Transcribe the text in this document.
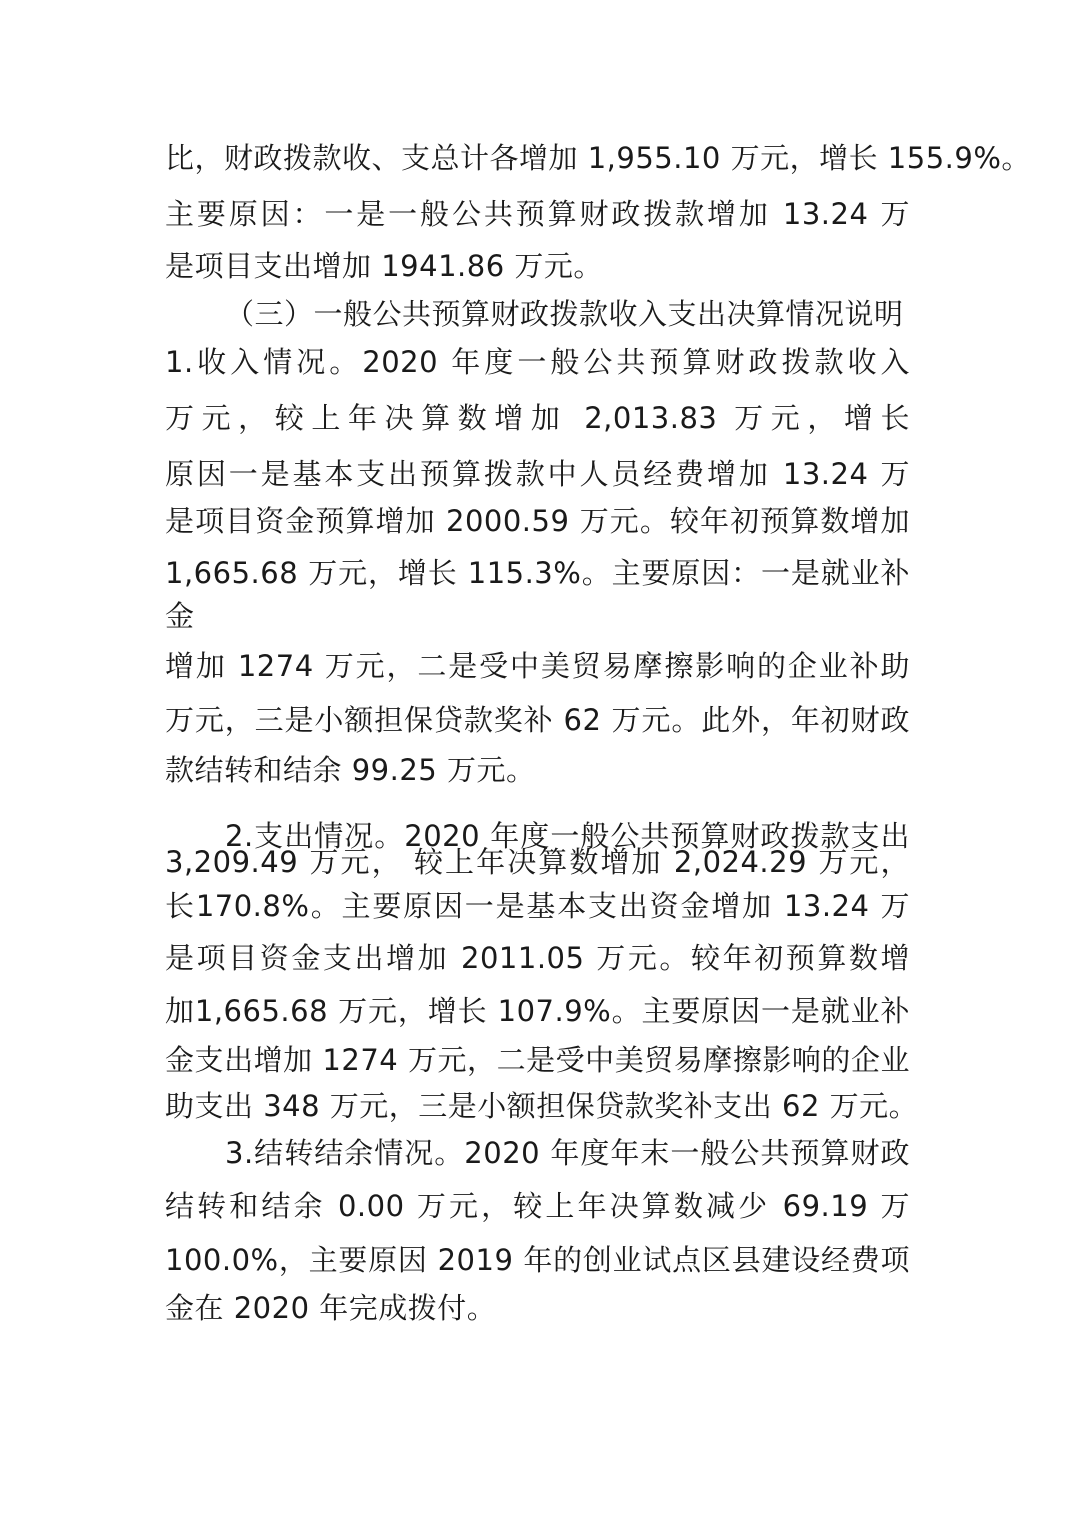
比，财政拨款收、支总计各增加 1,955.10 万元，增长 155.9%。
主要原因：一是一般公共预算财政拨款增加 13.24 万
是项目支出增加 1941.86 万元。
（三）一般公共预算财政拨款收入支出决算情况说明
1.收入情况。2020 年度一般公共预算财政拨款收入
万元，较上年决算数增加 2,013.83 万元，增长
原因一是基本支出预算拨款中人员经费增加 13.24 万
是项目资金预算增加 2000.59 万元。较年初预算数增加
1,665.68 万元，增长 115.3%。主要原因：一是就业补
金
增加 1274 万元，二是受中美贸易摩擦影响的企业补助
万元，三是小额担保贷款奖补 62 万元。此外，年初财政
款结转和结余 99.25 万元。
2.支出情况。2020 年度一般公共预算财政拨款支出
3,209.49 万元， 较上年决算数增加 2,024.29 万元，
长170.8%。主要原因一是基本支出资金增加 13.24 万
是项目资金支出增加 2011.05 万元。较年初预算数增
加1,665.68 万元，增长 107.9%。主要原因一是就业补
金支出增加 1274 万元，二是受中美贸易摩擦影响的企业
助支出 348 万元，三是小额担保贷款奖补支出 62 万元。
3.结转结余情况。2020 年度年末一般公共预算财政
结转和结余 0.00 万元，较上年决算数减少 69.19 万
100.0%，主要原因 2019 年的创业试点区县建设经费项
金在 2020 年完成拨付。
